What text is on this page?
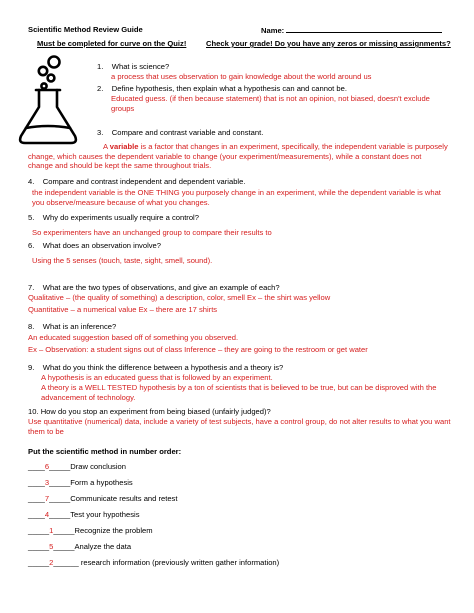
Scientific Method Review Guide	Name:
Must be completed for curve on the Quiz!	Check your grade! Do you have any zeros or missing assignments?
1. What is science?
a process that uses observation to gain knowledge about the world around us
2. Define hypothesis, then explain what a hypothesis can and cannot be.
Educated guess. (if then because statement) that is not an opinion, not biased, doesn't exclude groups
3. Compare and contrast variable and constant.
A variable is a factor that changes in an experiment, specifically, the independent variable is purposely change, which causes the dependent variable to change (your experiment/measurements), while a constant does not change and should be kept the same throughout trials.
4. Compare and contrast independent and dependent variable.
the independent variable is the ONE THING you purposely change in an experiment, while the dependent variable is what you observe/measure because of what you changes.
5. Why do experiments usually require a control?
So experimenters have an unchanged group to compare their results to
6. What does an observation involve?
Using the 5 senses (touch, taste, sight, smell, sound).
7. What are the two types of observations, and give an example of each?
Qualitative – (the quality of something) a description, color, smell Ex – the shirt was yellow
Quantitative – a numerical value Ex – there are 17 shirts
8. What is an inference?
An educated suggestion based off of something you observed.
Ex – Observation: a student signs out of class Inference – they are going to the restroom or get water
9. What do you think the difference between a hypothesis and a theory is?
A hypothesis is an educated guess that is followed by an experiment.
A theory is a WELL TESTED hypothesis by a ton of scientists that is believed to be true, but can be disproved with the advancement of technology.
10. How do you stop an experiment from being biased (unfairly judged)?
Use quantitative (numerical) data, include a variety of test subjects, have a control group, do not alter results to what you want them to be
Put the scientific method in number order:
____6_____Draw conclusion
____3_____Form a hypothesis
____7_____Communicate results and retest
____4_____Test your hypothesis
_____1_____Recognize the problem
_____5_____Analyze the data
_____2______ research information (previously written gather information)
